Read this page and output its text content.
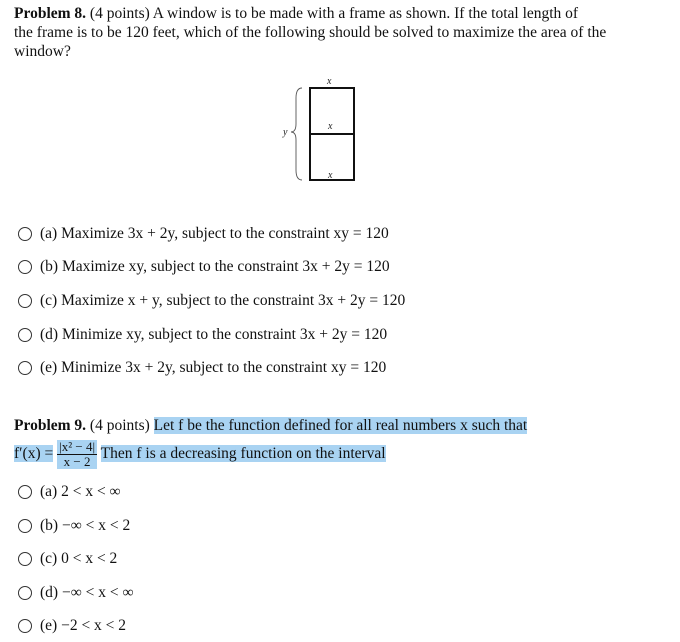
Problem 8. (4 points) A window is to be made with a frame as shown. If the total length of
the frame is to be 120 feet, which of the following should be solved to maximize the area of the
window?
x
x
x
y
(a)
Maximize 3x + 2y, subject to the constraint xy = 120
(b)
Maximize xy, subject to the constraint 3x + 2y = 120
(c)
Maximize x + y, subject to the constraint 3x + 2y = 120
(d)
Minimize xy, subject to the constraint 3x + 2y = 120
(e)
Minimize 3x + 2y, subject to the constraint xy = 120
Problem 9. (4 points) Let f be the function defined for all real numbers x such that
$f'(x) = \frac{\text{|x² − 4|}}{x - 2}$ Then f is a decreasing function on the interval
(a)
2 < x < ∞
(b)
−∞ < x < 2
(c)
0 < x < 2
(d)
−∞ < x < ∞
(e)
−2 < x < 2
